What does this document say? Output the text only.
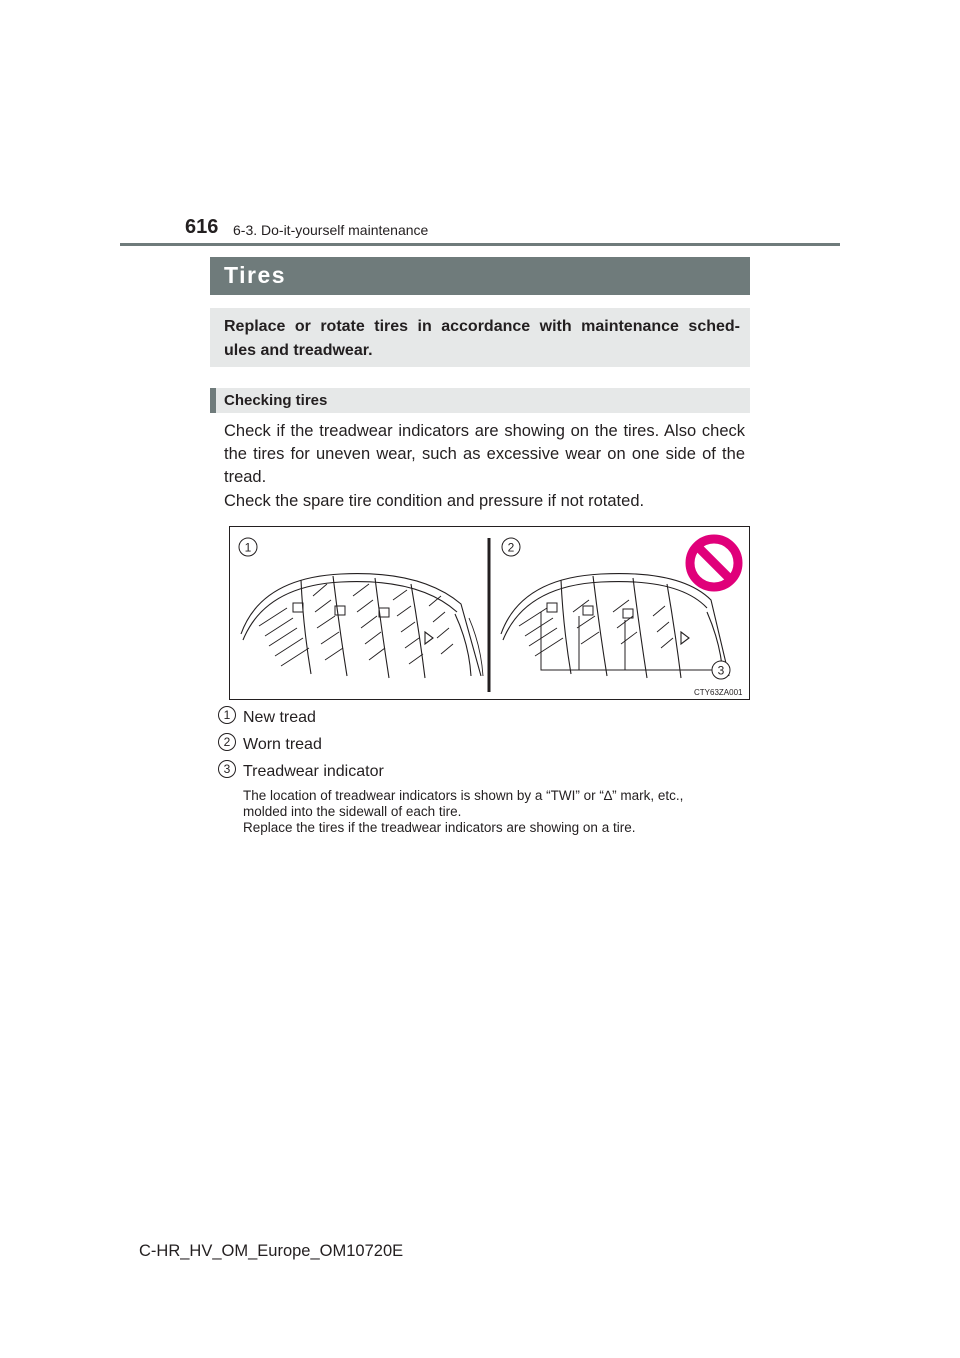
616 6-3. Do-it-yourself maintenance
Tires
Replace or rotate tires in accordance with maintenance sched-
ules and treadwear.
Checking tires
Check if the treadwear indicators are showing on the tires. Also check
the tires for uneven wear, such as excessive wear on one side of the
tread.
Check the spare tire condition and pressure if not rotated.
1	2
3
CTY63ZA001
1 New tread
2 Worn tread
3 Treadwear indicator
The location of treadwear indicators is shown by a “TWI” or “∆” mark, etc.,
molded into the sidewall of each tire.
Replace the tires if the treadwear indicators are showing on a tire.
C-HR_HV_OM_Europe_OM10720E
